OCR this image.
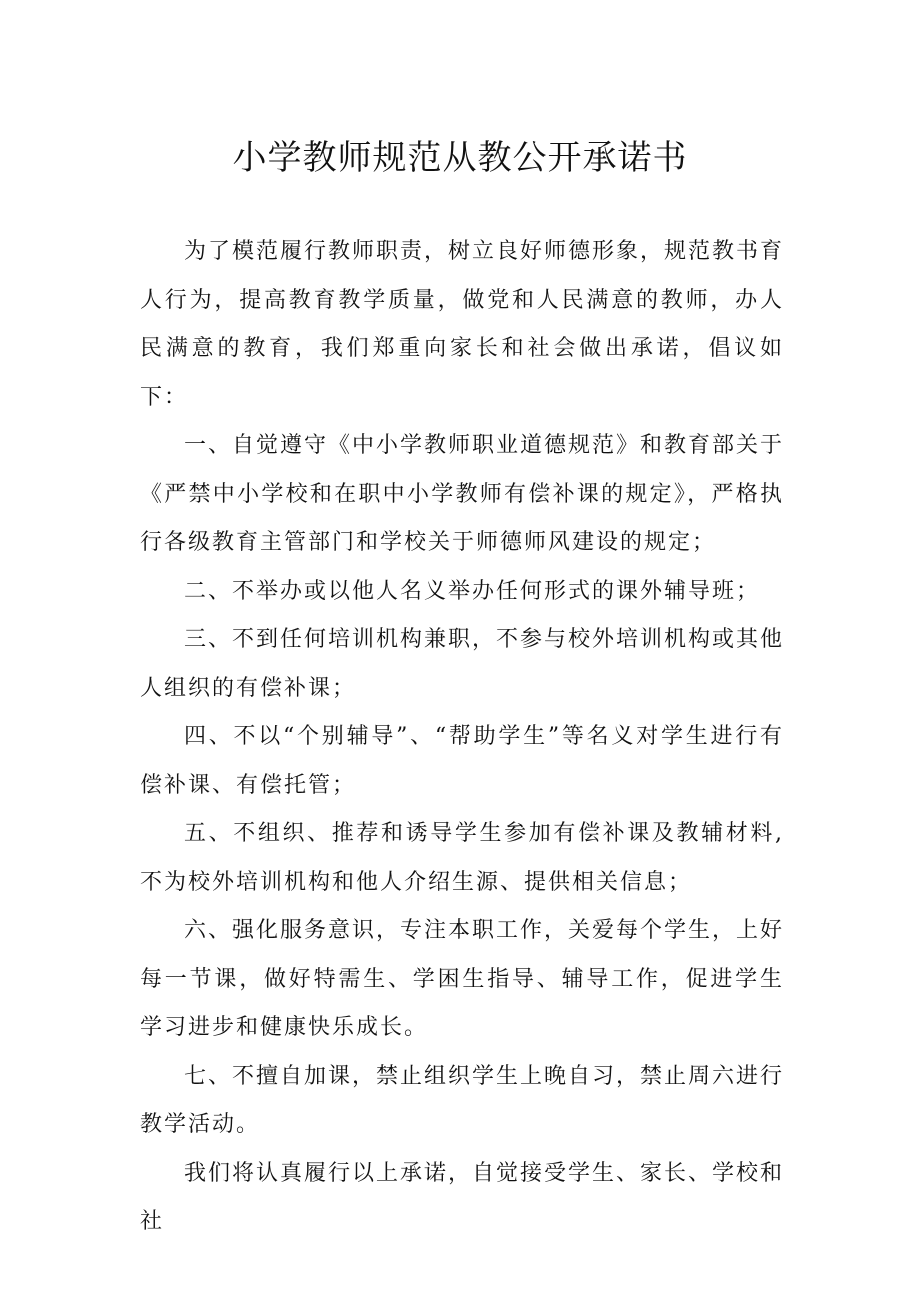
小学教师规范从教公开承诺书

为了模范履行教师职责，树立良好师德形象，规范教书育人行为，提高教育教学质量，做党和人民满意的教师，办人民满意的教育，我们郑重向家长和社会做出承诺，倡议如下：

一、自觉遵守《中小学教师职业道德规范》和教育部关于《严禁中小学校和在职中小学教师有偿补课的规定》，严格执行各级教育主管部门和学校关于师德师风建设的规定；

二、不举办或以他人名义举办任何形式的课外辅导班；

三、不到任何培训机构兼职，不参与校外培训机构或其他人组织的有偿补课；

四、不以“个别辅导”、“帮助学生”等名义对学生进行有偿补课、有偿托管；

五、不组织、推荐和诱导学生参加有偿补课及教辅材料,不为校外培训机构和他人介绍生源、提供相关信息；

六、强化服务意识，专注本职工作，关爱每个学生，上好每一节课，做好特需生、学困生指导、辅导工作，促进学生学习进步和健康快乐成长。

七、不擅自加课，禁止组织学生上晚自习，禁止周六进行教学活动。

我们将认真履行以上承诺，自觉接受学生、家长、学校和社
